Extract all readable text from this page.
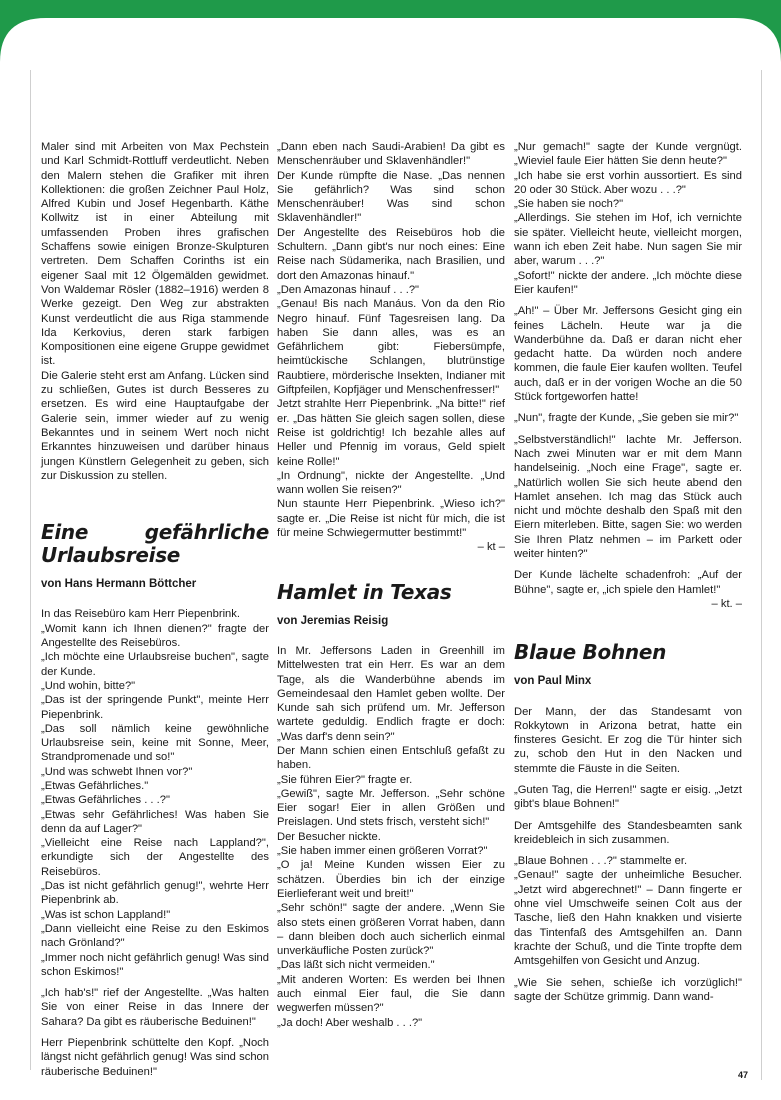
Maler sind mit Arbeiten von Max Pechstein und Karl Schmidt-Rottluff verdeutlicht. Neben den Malern stehen die Grafiker mit ihren Kollektionen: die großen Zeichner Paul Holz, Alfred Kubin und Josef Hegenbarth. Käthe Kollwitz ist in einer Abteilung mit umfassenden Proben ihres grafischen Schaffens sowie einigen Bronze-Skulpturen vertreten. Dem Schaffen Corinths ist ein eigener Saal mit 12 Ölgemälden gewidmet. Von Waldemar Rösler (1882–1916) werden 8 Werke gezeigt. Den Weg zur abstrakten Kunst verdeutlicht die aus Riga stammende Ida Kerkovius, deren stark farbigen Kompositionen eine eigene Gruppe gewidmet ist.

Die Galerie steht erst am Anfang. Lücken sind zu schließen, Gutes ist durch Besseres zu ersetzen. Es wird eine Hauptaufgabe der Galerie sein, immer wieder auf zu wenig Bekanntes und in seinem Wert noch nicht Erkanntes hinzuweisen und darüber hinaus jungen Künstlern Gelegenheit zu geben, sich zur Diskussion zu stellen.

Eine gefährliche Urlaubsreise
von Hans Hermann Böttcher

In das Reisebüro kam Herr Piepenbrink.

„Womit kann ich Ihnen dienen?" fragte der Angestellte des Reisebüros.

„Ich möchte eine Urlaubsreise buchen", sagte der Kunde.

„Und wohin, bitte?"

„Das ist der springende Punkt", meinte Herr Piepenbrink.

„Das soll nämlich keine gewöhnliche Urlaubsreise sein, keine mit Sonne, Meer, Strandpromenade und so!"

„Und was schwebt Ihnen vor?"

„Etwas Gefährliches."

„Etwas Gefährliches . . .?"

„Etwas sehr Gefährliches! Was haben Sie denn da auf Lager?"

„Vielleicht eine Reise nach Lappland?", erkundigte sich der Angestellte des Reisebüros.

„Das ist nicht gefährlich genug!", wehrte Herr Piepenbrink ab.

„Was ist schon Lappland!"

„Dann vielleicht eine Reise zu den Eskimos nach Grönland?"

„Immer noch nicht gefährlich genug! Was sind schon Eskimos!"

„Ich hab's!" rief der Angestellte. „Was halten Sie von einer Reise in das Innere der Sahara? Da gibt es räuberische Beduinen!"

Herr Piepenbrink schüttelte den Kopf. „Noch längst nicht gefährlich genug! Was sind schon räuberische Beduinen!"

„Dann eben nach Saudi-Arabien! Da gibt es Menschenräuber und Sklavenhändler!"

Der Kunde rümpfte die Nase. „Das nennen Sie gefährlich? Was sind schon Menschenräuber! Was sind schon Sklavenhändler!"

Der Angestellte des Reisebüros hob die Schultern. „Dann gibt's nur noch eines: Eine Reise nach Südamerika, nach Brasilien, und dort den Amazonas hinauf."

„Den Amazonas hinauf . . .?"

„Genau! Bis nach Manáus. Von da den Rio Negro hinauf. Fünf Tagesreisen lang. Da haben Sie dann alles, was es an Gefährlichem gibt: Fiebersümpfe, heimtückische Schlangen, blutrünstige Raubtiere, mörderische Insekten, Indianer mit Giftpfeilen, Kopfjäger und Menschenfresser!"

Jetzt strahlte Herr Piepenbrink. „Na bitte!" rief er. „Das hätten Sie gleich sagen sollen, diese Reise ist goldrichtig! Ich bezahle alles auf Heller und Pfennig im voraus, Geld spielt keine Rolle!"

„In Ordnung", nickte der Angestellte. „Und wann wollen Sie reisen?"

Nun staunte Herr Piepenbrink. „Wieso ich?" sagte er. „Die Reise ist nicht für mich, die ist für meine Schwiegermutter bestimmt!"

– kt –
Hamlet in Texas
von Jeremias Reisig

In Mr. Jeffersons Laden in Greenhill im Mittelwesten trat ein Herr. Es war an dem Tage, als die Wanderbühne abends im Gemeindesaal den Hamlet geben wollte. Der Kunde sah sich prüfend um. Mr. Jefferson wartete geduldig. Endlich fragte er doch: „Was darf's denn sein?"

Der Mann schien einen Entschluß gefaßt zu haben.

„Sie führen Eier?" fragte er.

„Gewiß", sagte Mr. Jefferson. „Sehr schöne Eier sogar! Eier in allen Größen und Preislagen. Und stets frisch, versteht sich!"

Der Besucher nickte.

„Sie haben immer einen größeren Vorrat?"

„O ja! Meine Kunden wissen Eier zu schätzen. Überdies bin ich der einzige Eierlieferant weit und breit!"

„Sehr schön!" sagte der andere. „Wenn Sie also stets einen größeren Vorrat haben, dann – dann bleiben doch auch sicherlich einmal unverkäufliche Posten zurück?"

„Das läßt sich nicht vermeiden."

„Mit anderen Worten: Es werden bei Ihnen auch einmal Eier faul, die Sie dann wegwerfen müssen?"

„Ja doch! Aber weshalb . . .?"

„Nur gemach!" sagte der Kunde vergnügt. „Wieviel faule Eier hätten Sie denn heute?"

„Ich habe sie erst vorhin aussortiert. Es sind 20 oder 30 Stück. Aber wozu . . .?"

„Sie haben sie noch?"

„Allerdings. Sie stehen im Hof, ich vernichte sie später. Vielleicht heute, vielleicht morgen, wann ich eben Zeit habe. Nun sagen Sie mir aber, warum . . .?"

„Sofort!" nickte der andere. „Ich möchte diese Eier kaufen!"

„Ah!" – Über Mr. Jeffersons Gesicht ging ein feines Lächeln. Heute war ja die Wanderbühne da. Daß er daran nicht eher gedacht hatte. Da würden noch andere kommen, die faule Eier kaufen wollten. Teufel auch, daß er in der vorigen Woche an die 50 Stück fortgeworfen hatte!

„Nun", fragte der Kunde, „Sie geben sie mir?"

„Selbstverständlich!" lachte Mr. Jefferson. Nach zwei Minuten war er mit dem Mann handelseinig. „Noch eine Frage", sagte er. „Natürlich wollen Sie sich heute abend den Hamlet ansehen. Ich mag das Stück auch nicht und möchte deshalb den Spaß mit den Eiern miterleben. Bitte, sagen Sie: wo werden Sie Ihren Platz nehmen – im Parkett oder weiter hinten?"

Der Kunde lächelte schadenfroh: „Auf der Bühne", sagte er, „ich spiele den Hamlet!"

– kt. –
Blaue Bohnen
von Paul Minx

Der Mann, der das Standesamt von Rokkytown in Arizona betrat, hatte ein finsteres Gesicht. Er zog die Tür hinter sich zu, schob den Hut in den Nacken und stemmte die Fäuste in die Seiten.

„Guten Tag, die Herren!" sagte er eisig. „Jetzt gibt's blaue Bohnen!"

Der Amtsgehilfe des Standesbeamten sank kreidebleich in sich zusammen.

„Blaue Bohnen . . .?" stammelte er.

„Genau!" sagte der unheimliche Besucher. „Jetzt wird abgerechnet!" – Dann fingerte er ohne viel Umschweife seinen Colt aus der Tasche, ließ den Hahn knakken und visierte das Tintenfaß des Amtsgehilfen an. Dann krachte der Schuß, und die Tinte tropfte dem Amtsgehilfen von Gesicht und Anzug.

„Wie Sie sehen, schieße ich vorzüglich!" sagte der Schütze grimmig. Dann wand-

47
